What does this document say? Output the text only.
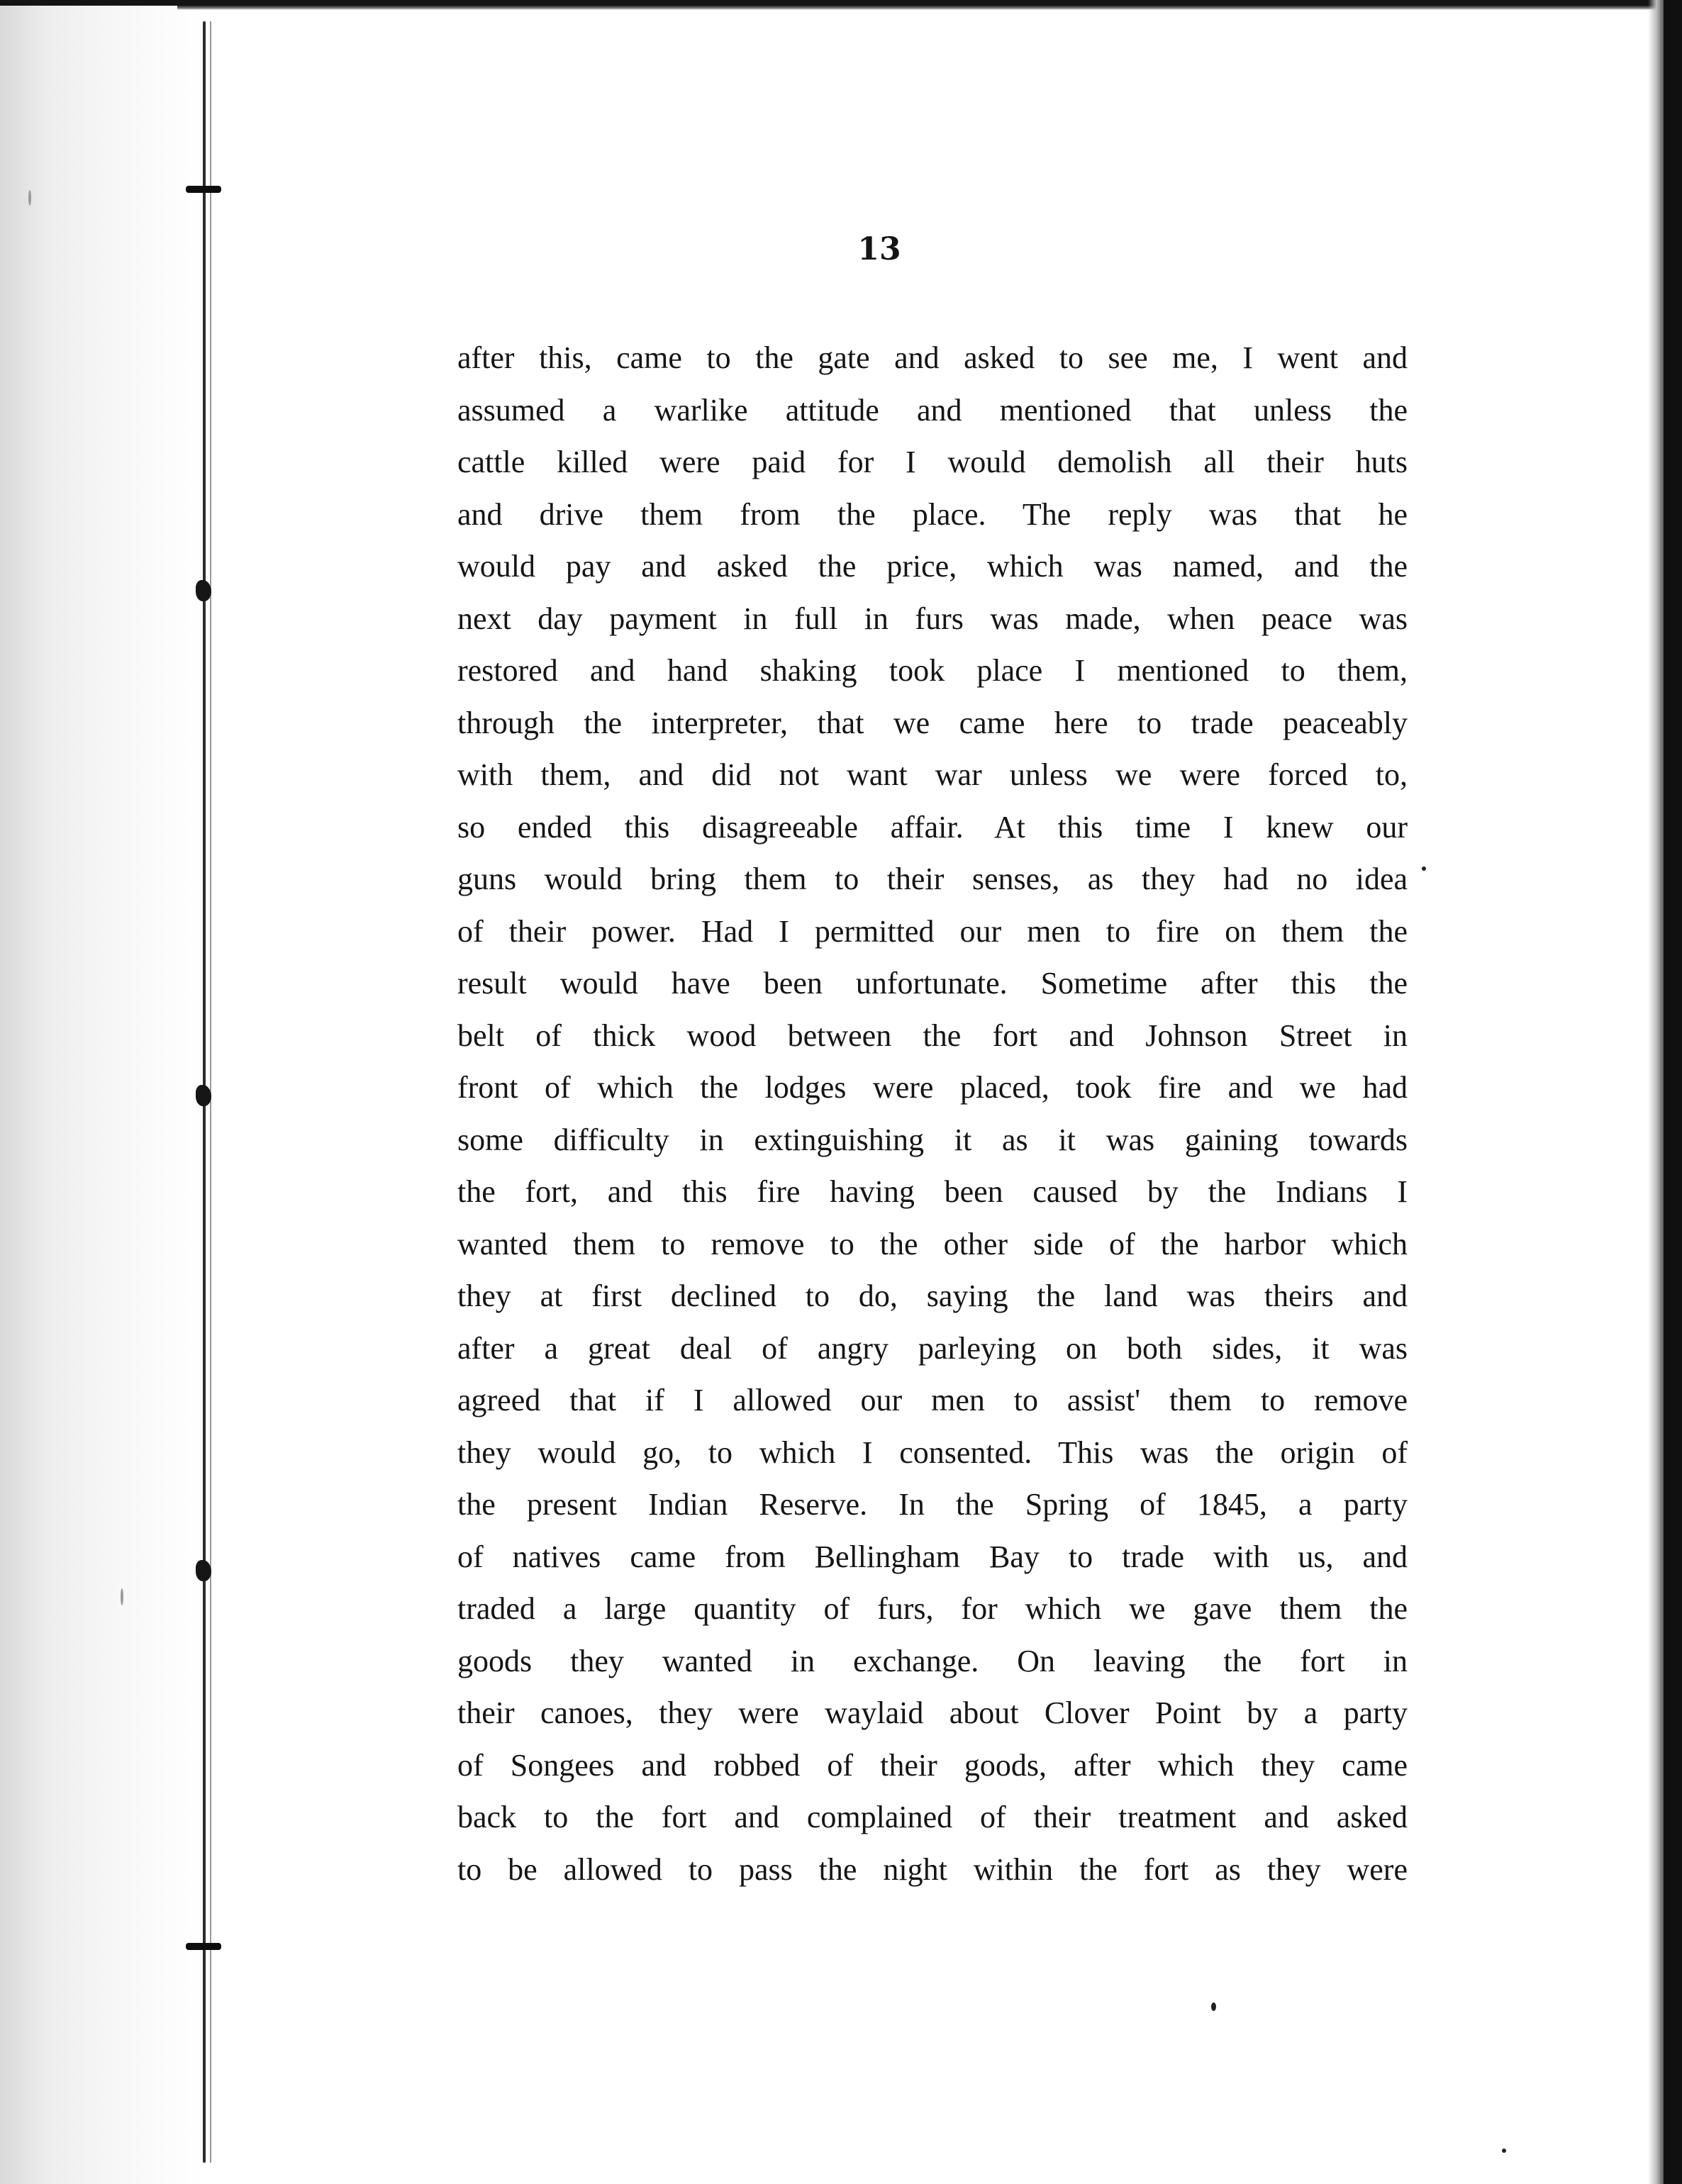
13
after this, came to the gate and asked to see me, I went and
assumed a warlike attitude and mentioned that unless the
cattle killed were paid for I would demolish all their huts
and drive them from the place. The reply was that he
would pay and asked the price, which was named, and the
next day payment in full in furs was made, when peace was
restored and hand shaking took place I mentioned to them,
through the interpreter, that we came here to trade peaceably
with them, and did not want war unless we were forced to,
so ended this disagreeable affair. At this time I knew our
guns would bring them to their senses, as they had no idea
of their power. Had I permitted our men to fire on them the
result would have been unfortunate. Sometime after this the
belt of thick wood between the fort and Johnson Street in
front of which the lodges were placed, took fire and we had
some difficulty in extinguishing it as it was gaining towards
the fort, and this fire having been caused by the Indians I
wanted them to remove to the other side of the harbor which
they at first declined to do, saying the land was theirs and
after a great deal of angry parleying on both sides, it was
agreed that if I allowed our men to assist' them to remove
they would go, to which I consented. This was the origin of
the present Indian Reserve. In the Spring of 1845, a party
of natives came from Bellingham Bay to trade with us, and
traded a large quantity of furs, for which we gave them the
goods they wanted in exchange. On leaving the fort in
their canoes, they were waylaid about Clover Point by a party
of Songees and robbed of their goods, after which they came
back to the fort and complained of their treatment and asked
to be allowed to pass the night within the fort as they were
